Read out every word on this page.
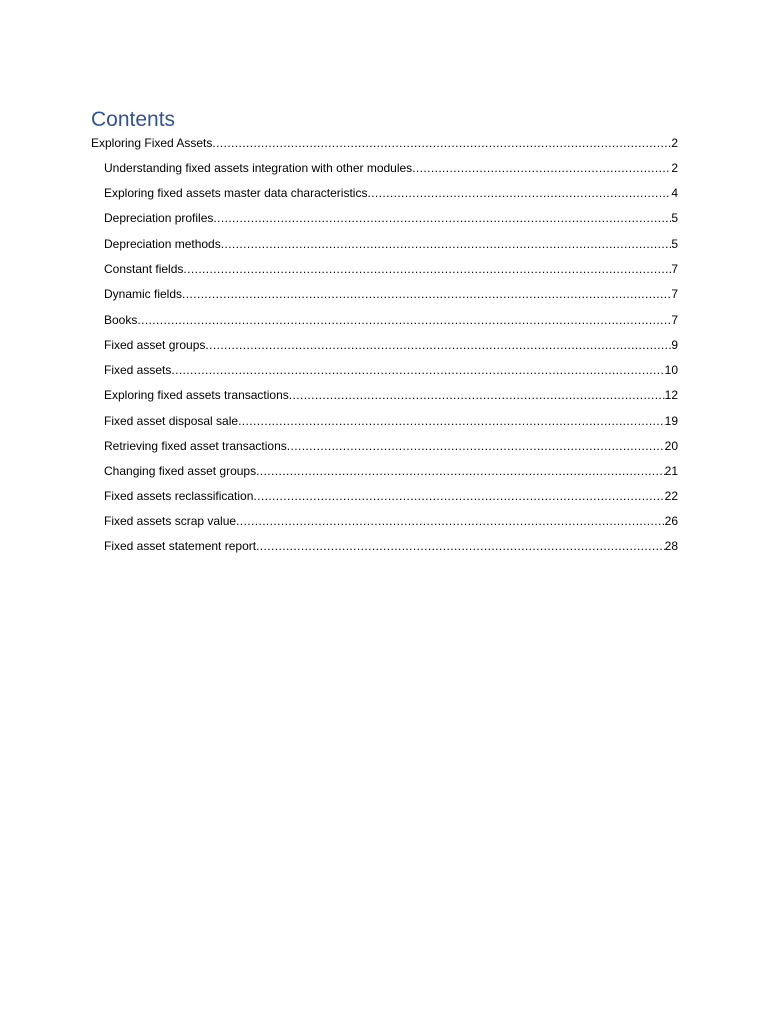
Contents
Exploring Fixed Assets .....	2
Understanding fixed assets integration with other modules .....	2
Exploring fixed assets master data characteristics .....	4
Depreciation profiles .....	5
Depreciation methods .....	5
Constant fields .....	7
Dynamic fields .....	7
Books .....	7
Fixed asset groups .....	9
Fixed assets .....	10
Exploring fixed assets transactions .....	12
Fixed asset disposal sale .....	19
Retrieving fixed asset transactions .....	20
Changing fixed asset groups .....	21
Fixed assets reclassification .....	22
Fixed assets scrap value .....	26
Fixed asset statement report .....	28
